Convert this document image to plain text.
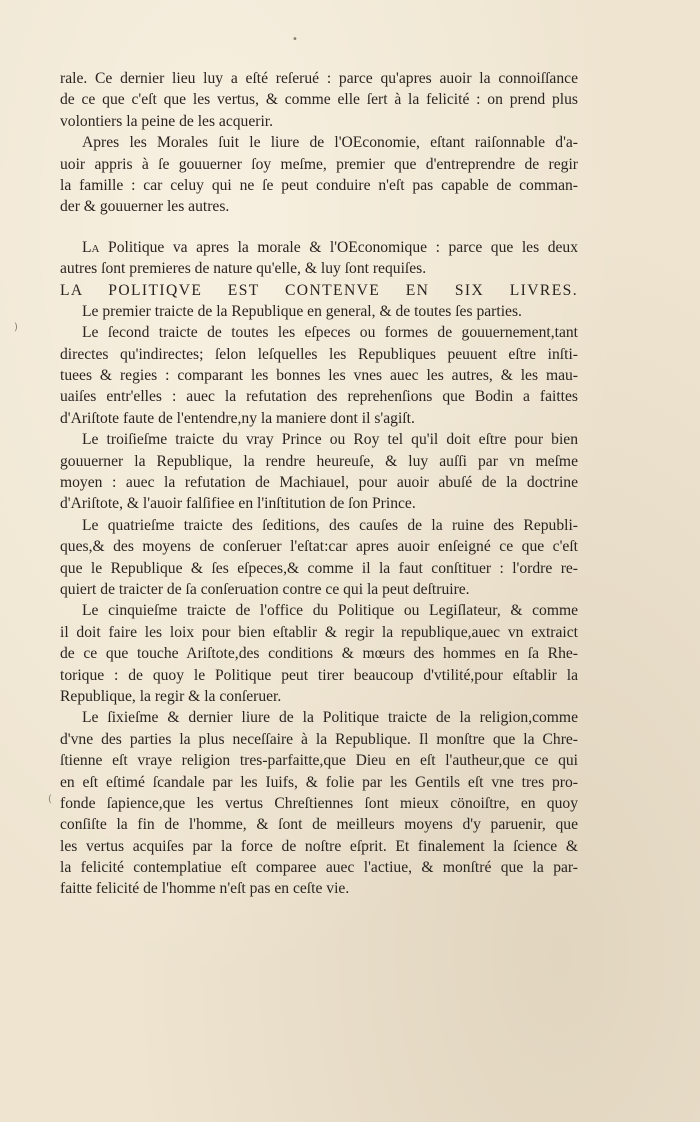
•
)
(
rale. Ce dernier lieu luy a eſté reſerué : parce qu'apres auoir la connoiſſance
de ce que c'eſt que les vertus, & comme elle ſert à la felicité : on prend plus
volontiers la peine de les acquerir.
Apres les Morales ſuit le liure de l'OEconomie, eſtant raiſonnable d'a-
uoir appris à ſe gouuerner ſoy meſme, premier que d'entreprendre de regir
la famille : car celuy qui ne ſe peut conduire n'eſt pas capable de comman-
der & gouuerner les autres.
La Politique va apres la morale & l'OEconomique : parce que les deux
autres ſont premieres de nature qu'elle, & luy ſont requiſes.
LA POLITIQVE EST CONTENVE EN SIX LIVRES.
Le premier traicte de la Republique en general, & de toutes ſes parties.
Le ſecond traicte de toutes les eſpeces ou formes de gouuernement,tant
directes qu'indirectes; ſelon leſquelles les Republiques peuuent eſtre inſti-
tuees & regies : comparant les bonnes les vnes auec les autres, & les mau-
uaiſes entr'elles : auec la refutation des reprehenſions que Bodin a faittes
d'Ariſtote faute de l'entendre,ny la maniere dont il s'agiſt.
Le troiſieſme traicte du vray Prince ou Roy tel qu'il doit eſtre pour bien
gouuerner la Republique, la rendre heureuſe, & luy auſſi par vn meſme
moyen : auec la refutation de Machiauel, pour auoir abuſé de la doctrine
d'Ariſtote, & l'auoir falſifiee en l'inſtitution de ſon Prince.
Le quatrieſme traicte des ſeditions, des cauſes de la ruine des Republi-
ques,& des moyens de conſeruer l'eſtat:car apres auoir enſeigné ce que c'eſt
que le Republique & ſes eſpeces,& comme il la faut conſtituer : l'ordre re-
quiert de traicter de ſa conſeruation contre ce qui la peut deſtruire.
Le cinquieſme traicte de l'office du Politique ou Legiſlateur, & comme
il doit faire les loix pour bien eſtablir & regir la republique,auec vn extraict
de ce que touche Ariſtote,des conditions & mœurs des hommes en ſa Rhe-
torique : de quoy le Politique peut tirer beaucoup d'vtilité,pour eſtablir la
Republique, la regir & la conſeruer.
Le ſixieſme & dernier liure de la Politique traicte de la religion,comme
d'vne des parties la plus neceſſaire à la Republique. Il monſtre que la Chre-
ſtienne eſt vraye religion tres-parfaitte,que Dieu en eſt l'autheur,que ce qui
en eſt eſtimé ſcandale par les Iuifs, & folie par les Gentils eſt vne tres pro-
fonde ſapience,que les vertus Chreſtiennes ſont mieux cönoiſtre, en quoy
conſiſte la fin de l'homme, & ſont de meilleurs moyens d'y paruenir, que
les vertus acquiſes par la force de noſtre eſprit. Et finalement la ſcience &
la felicité contemplatiue eſt comparee auec l'actiue, & monſtré que la par-
faitte felicité de l'homme n'eſt pas en ceſte vie.
